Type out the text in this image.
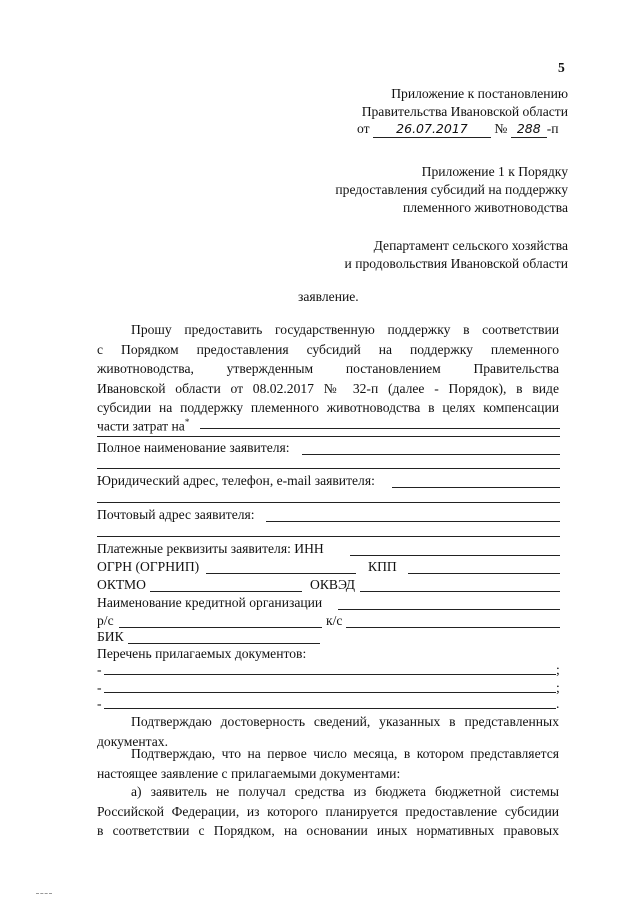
5
Приложение к постановлению
Правительства Ивановской области
от 26.07.2017 № 288 -п
Приложение 1 к Порядку
предоставления субсидий на поддержку
племенного животноводства
Департамент сельского хозяйства
и продовольствия Ивановской области
заявление.
Прошу предоставить государственную поддержку в соответствии
с Порядком предоставления субсидий на поддержку племенного
животноводства, утвержденным постановлением Правительства
Ивановской области от 08.02.2017 № 32-п (далее - Порядок), в виде
субсидии на поддержку племенного животноводства в целях компенсации
части затрат на*
Полное наименование заявителя:
Юридический адрес, телефон, e-mail заявителя:
Почтовый адрес заявителя:
Платежные реквизиты заявителя: ИНН
ОГРН (ОГРНИП)	КПП
ОКТМО	ОКВЭД
Наименование кредитной организации
р/с	к/с
БИК
Перечень прилагаемых документов:
-	;
-	;
-	.
Подтверждаю достоверность сведений, указанных в представленных
документах.
Подтверждаю, что на первое число месяца, в котором представляется
настоящее заявление с прилагаемыми документами:
а) заявитель не получал средства из бюджета бюджетной системы
Российской Федерации, из которого планируется предоставление субсидии
в соответствии с Порядком, на основании иных нормативных правовых
